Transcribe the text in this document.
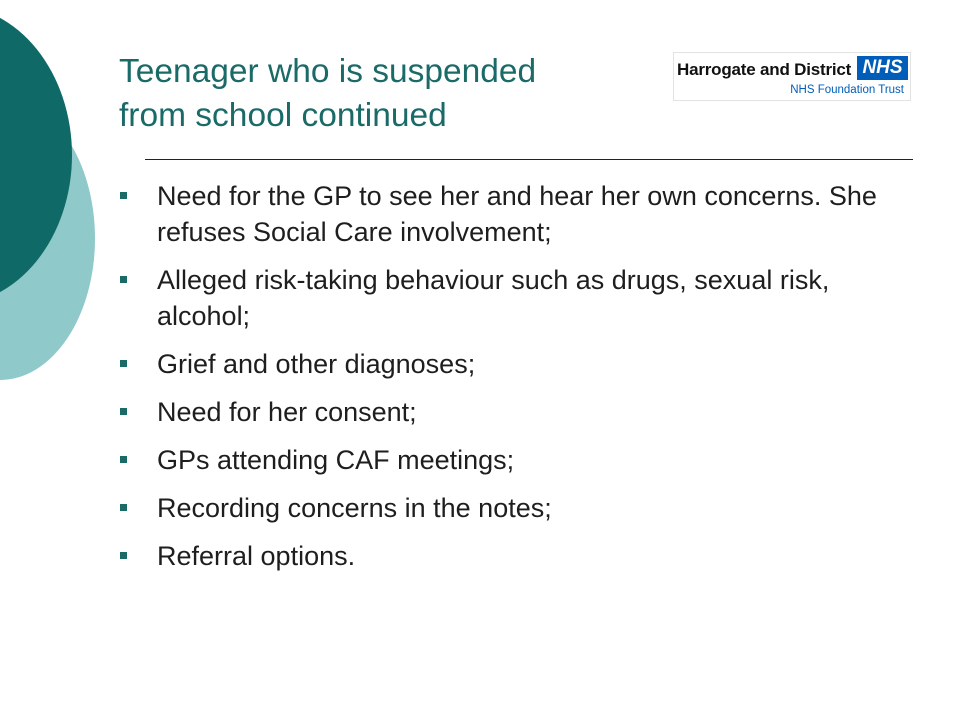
Teenager who is suspended
from school continued
Harrogate and District NHS
NHS Foundation Trust
Need for the GP to see her and hear her own concerns. She refuses Social Care involvement;
Alleged risk-taking behaviour such as drugs, sexual risk, alcohol;
Grief and other diagnoses;
Need for her consent;
GPs attending CAF meetings;
Recording concerns in the notes;
Referral options.
